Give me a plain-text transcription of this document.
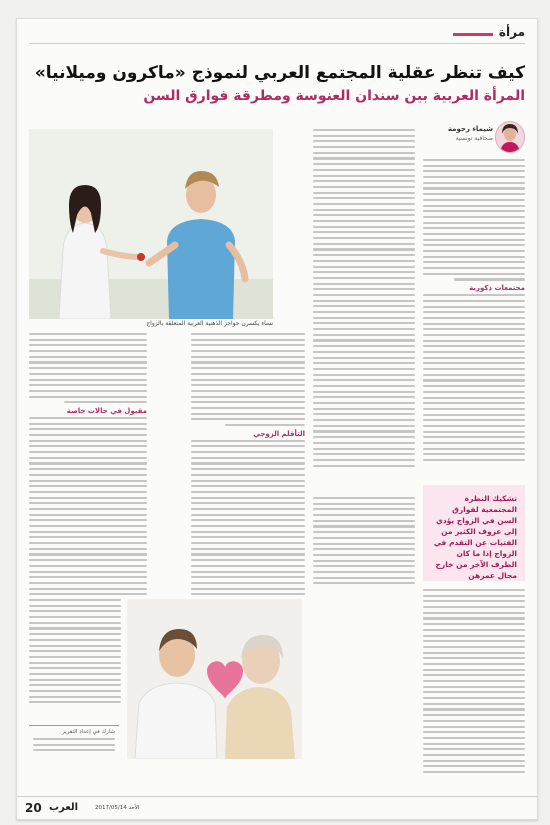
مرأة
كيف تنظر عقلية المجتمع العربي لنموذج «ماكرون وميلانيا»
المرأة العربية بين سندان العنوسة ومطرقة فوارق السن
شيماء رحومة
صحافية تونسية
نساء يكسرن حواجز الذهنية العربية المتعلقة بالزواج
مجتمعات ذكورية
التأقلم الزوجي
مقبول في حالات خاصة
تشكيك النظرة المجتمعية لفوارق السن في الزواج يؤدي إلى عزوف الكثير من الفتيات عن التقدم في الزواج إذا ما كان الطرف الآخر من خارج مجال عمرهن
شارك في إعداد التقرير
20 العرب	2017/05/14 الأحد
